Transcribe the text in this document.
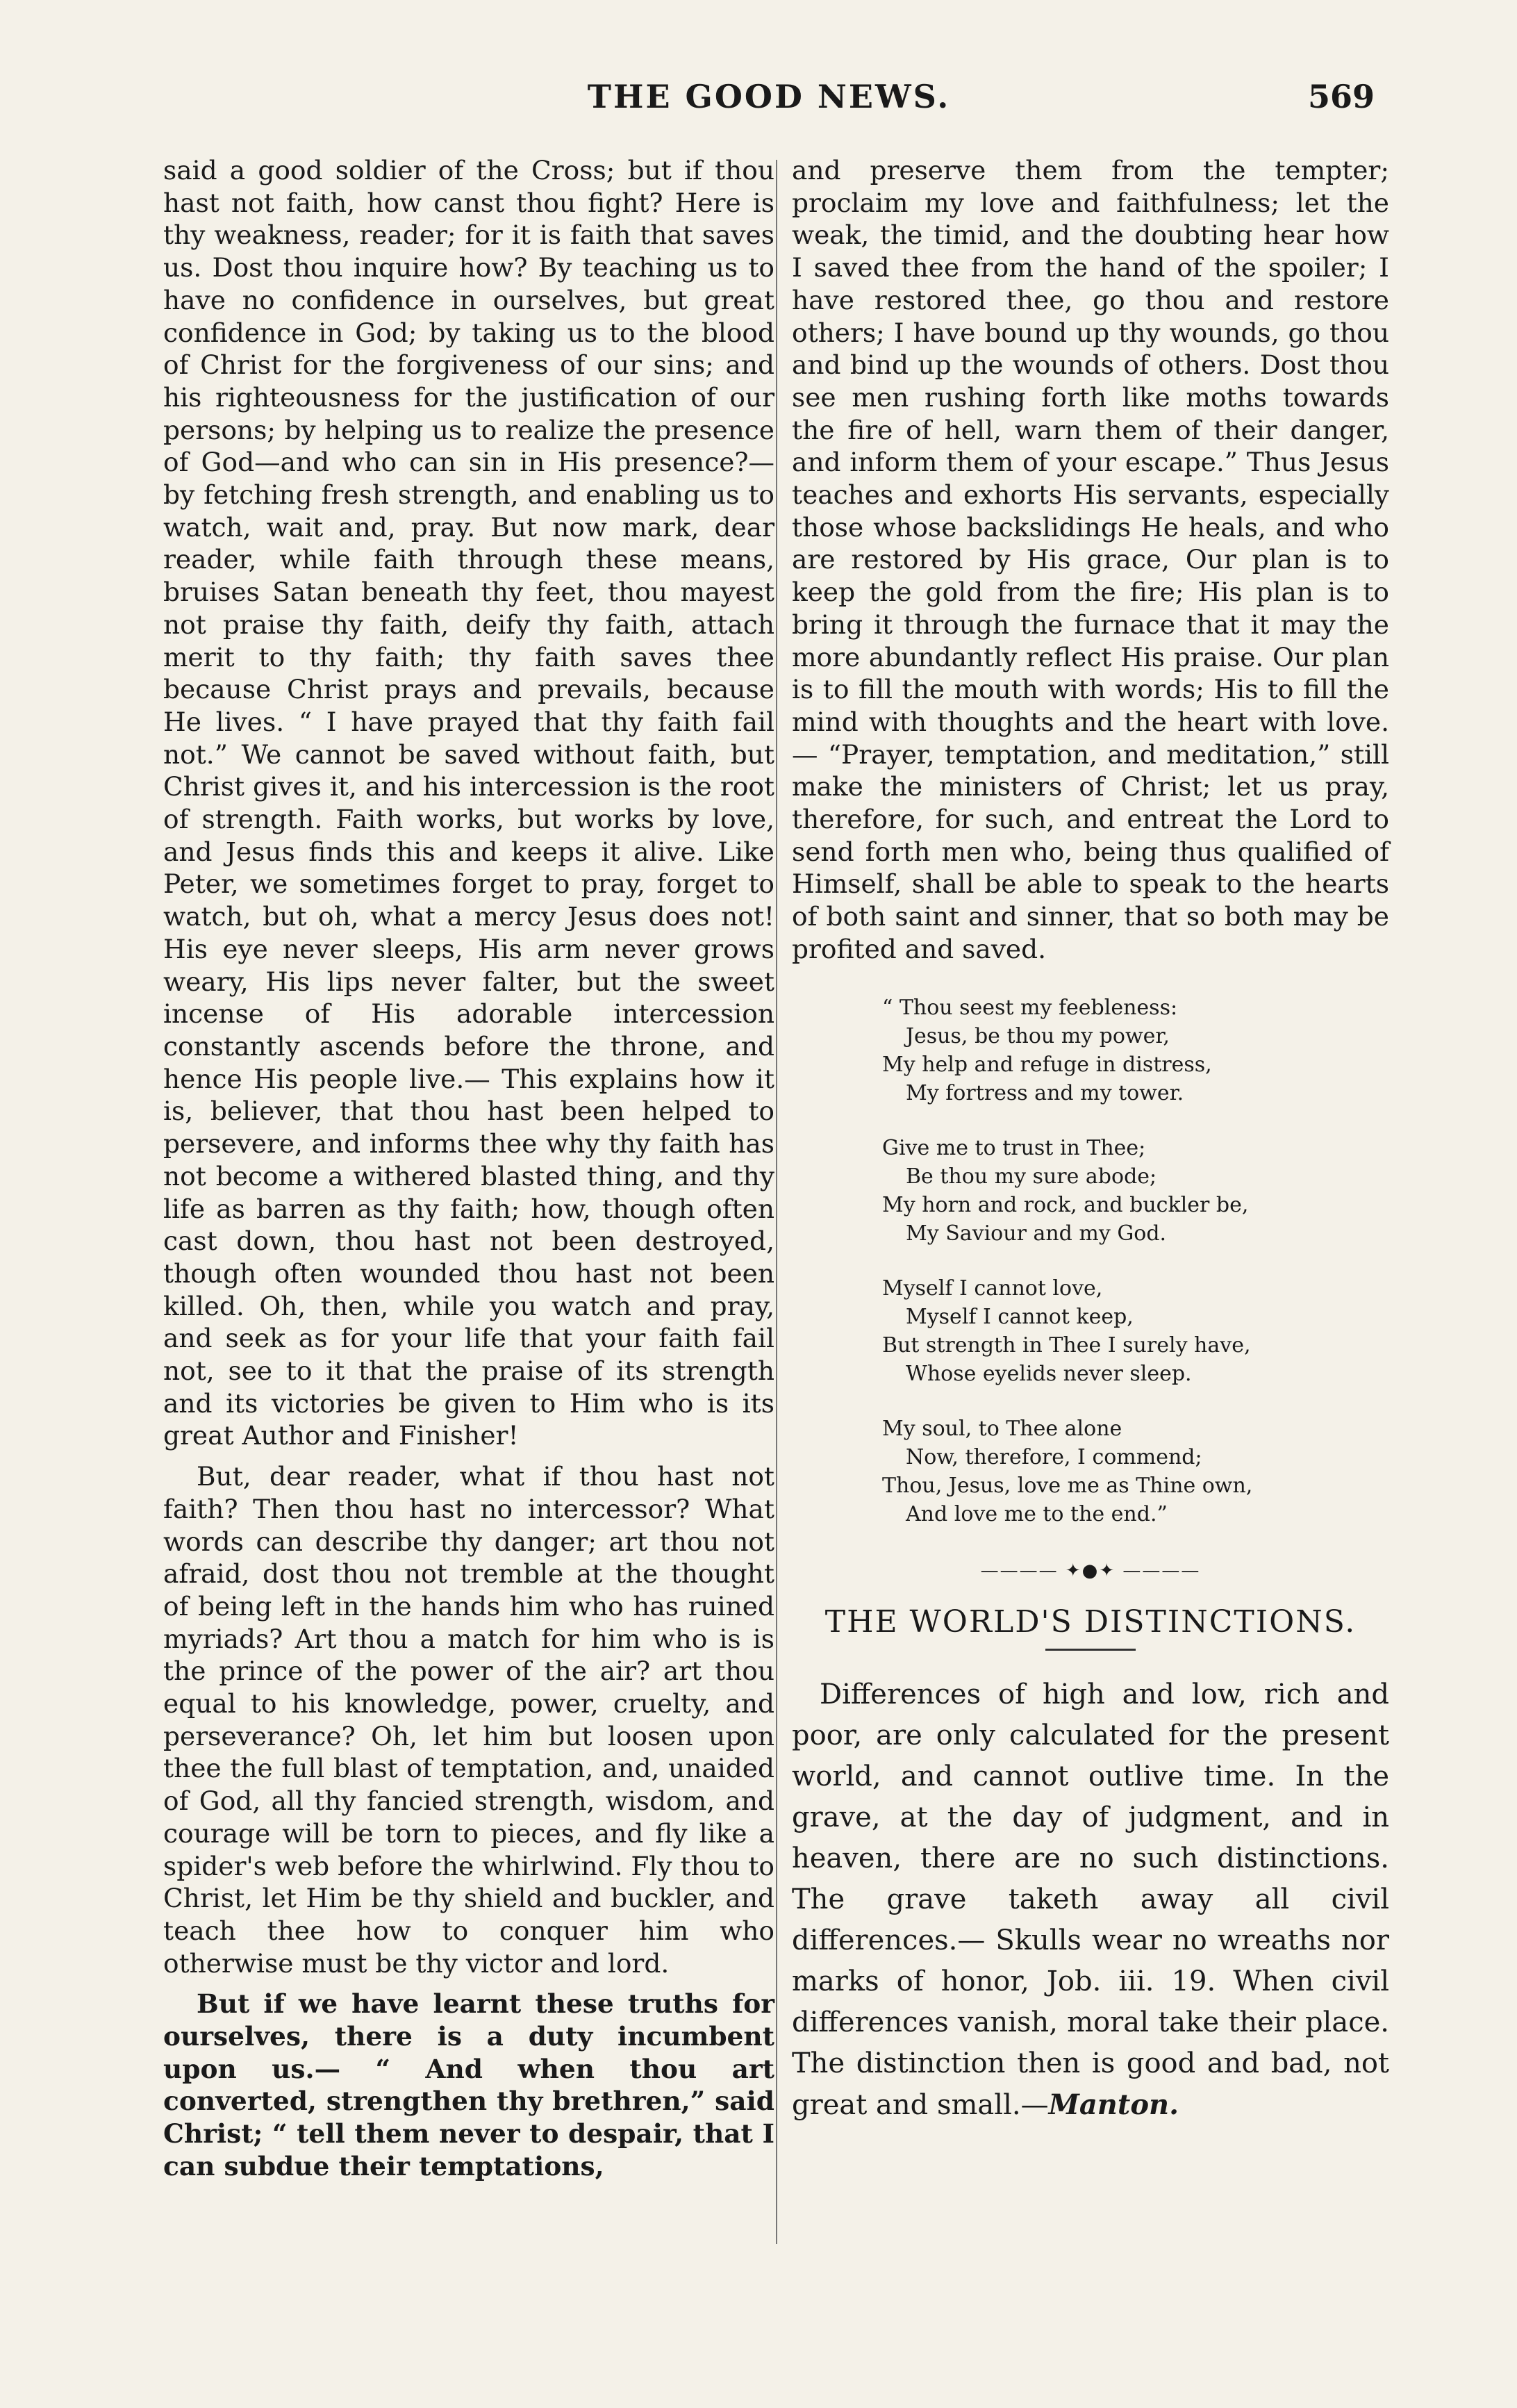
THE GOOD NEWS.	569

said a good soldier of the Cross; but if thou hast not faith, how canst thou fight? Here is thy weakness, reader; for it is faith that saves us. Dost thou inquire how? By teaching us to have no confidence in ourselves, but great confidence in God; by taking us to the blood of Christ for the forgiveness of our sins; and his righteousness for the justification of our persons; by helping us to realize the presence of God—and who can sin in His presence?—by fetching fresh strength, and enabling us to watch, wait and, pray. But now mark, dear reader, while faith through these means, bruises Satan beneath thy feet, thou mayest not praise thy faith, deify thy faith, attach merit to thy faith; thy faith saves thee because Christ prays and prevails, because He lives. “ I have prayed that thy faith fail not.” We cannot be saved without faith, but Christ gives it, and his intercession is the root of strength. Faith works, but works by love, and Jesus finds this and keeps it alive. Like Peter, we sometimes forget to pray, forget to watch, but oh, what a mercy Jesus does not! His eye never sleeps, His arm never grows weary, His lips never falter, but the sweet incense of His adorable intercession constantly ascends before the throne, and hence His people live.— This explains how it is, believer, that thou hast been helped to persevere, and informs thee why thy faith has not become a withered blasted thing, and thy life as barren as thy faith; how, though often cast down, thou hast not been destroyed, though often wounded thou hast not been killed. Oh, then, while you watch and pray, and seek as for your life that your faith fail not, see to it that the praise of its strength and its victories be given to Him who is its great Author and Finisher!

But, dear reader, what if thou hast not faith? Then thou hast no intercessor? What words can describe thy danger; art thou not afraid, dost thou not tremble at the thought of being left in the hands him who has ruined myriads? Art thou a match for him who is is the prince of the power of the air? art thou equal to his knowledge, power, cruelty, and perseverance? Oh, let him but loosen upon thee the full blast of temptation, and, unaided of God, all thy fancied strength, wisdom, and courage will be torn to pieces, and fly like a spider's web before the whirlwind. Fly thou to Christ, let Him be thy shield and buckler, and teach thee how to conquer him who otherwise must be thy victor and lord.

But if we have learnt these truths for ourselves, there is a duty incumbent upon us.— “ And when thou art converted, strengthen thy brethren,” said Christ; “ tell them never to despair, that I can subdue their temptations,

and preserve them from the tempter; proclaim my love and faithfulness; let the weak, the timid, and the doubting hear how I saved thee from the hand of the spoiler; I have restored thee, go thou and restore others; I have bound up thy wounds, go thou and bind up the wounds of others. Dost thou see men rushing forth like moths towards the fire of hell, warn them of their danger, and inform them of your escape.” Thus Jesus teaches and exhorts His servants, especially those whose backslidings He heals, and who are restored by His grace, Our plan is to keep the gold from the fire; His plan is to bring it through the furnace that it may the more abundantly reflect His praise. Our plan is to fill the mouth with words; His to fill the mind with thoughts and the heart with love.— “Prayer, temptation, and meditation,” still make the ministers of Christ; let us pray, therefore, for such, and entreat the Lord to send forth men who, being thus qualified of Himself, shall be able to speak to the hearts of both saint and sinner, that so both may be profited and saved.

“ Thou seest my feebleness:
Jesus, be thou my power,
My help and refuge in distress,
My fortress and my tower.
Give me to trust in Thee;
Be thou my sure abode;
My horn and rock, and buckler be,
My Saviour and my God.
Myself I cannot love,
Myself I cannot keep,
But strength in Thee I surely have,
Whose eyelids never sleep.
My soul, to Thee alone
Now, therefore, I commend;
Thou, Jesus, love me as Thine own,
And love me to the end.”
———— ✦●✦ ————
THE WORLD'S DISTINCTIONS.

Differences of high and low, rich and poor, are only calculated for the present world, and cannot outlive time. In the grave, at the day of judgment, and in heaven, there are no such distinctions. The grave taketh away all civil differences.— Skulls wear no wreaths nor marks of honor, Job. iii. 19. When civil differences vanish, moral take their place. The distinction then is good and bad, not great and small.—Manton.
